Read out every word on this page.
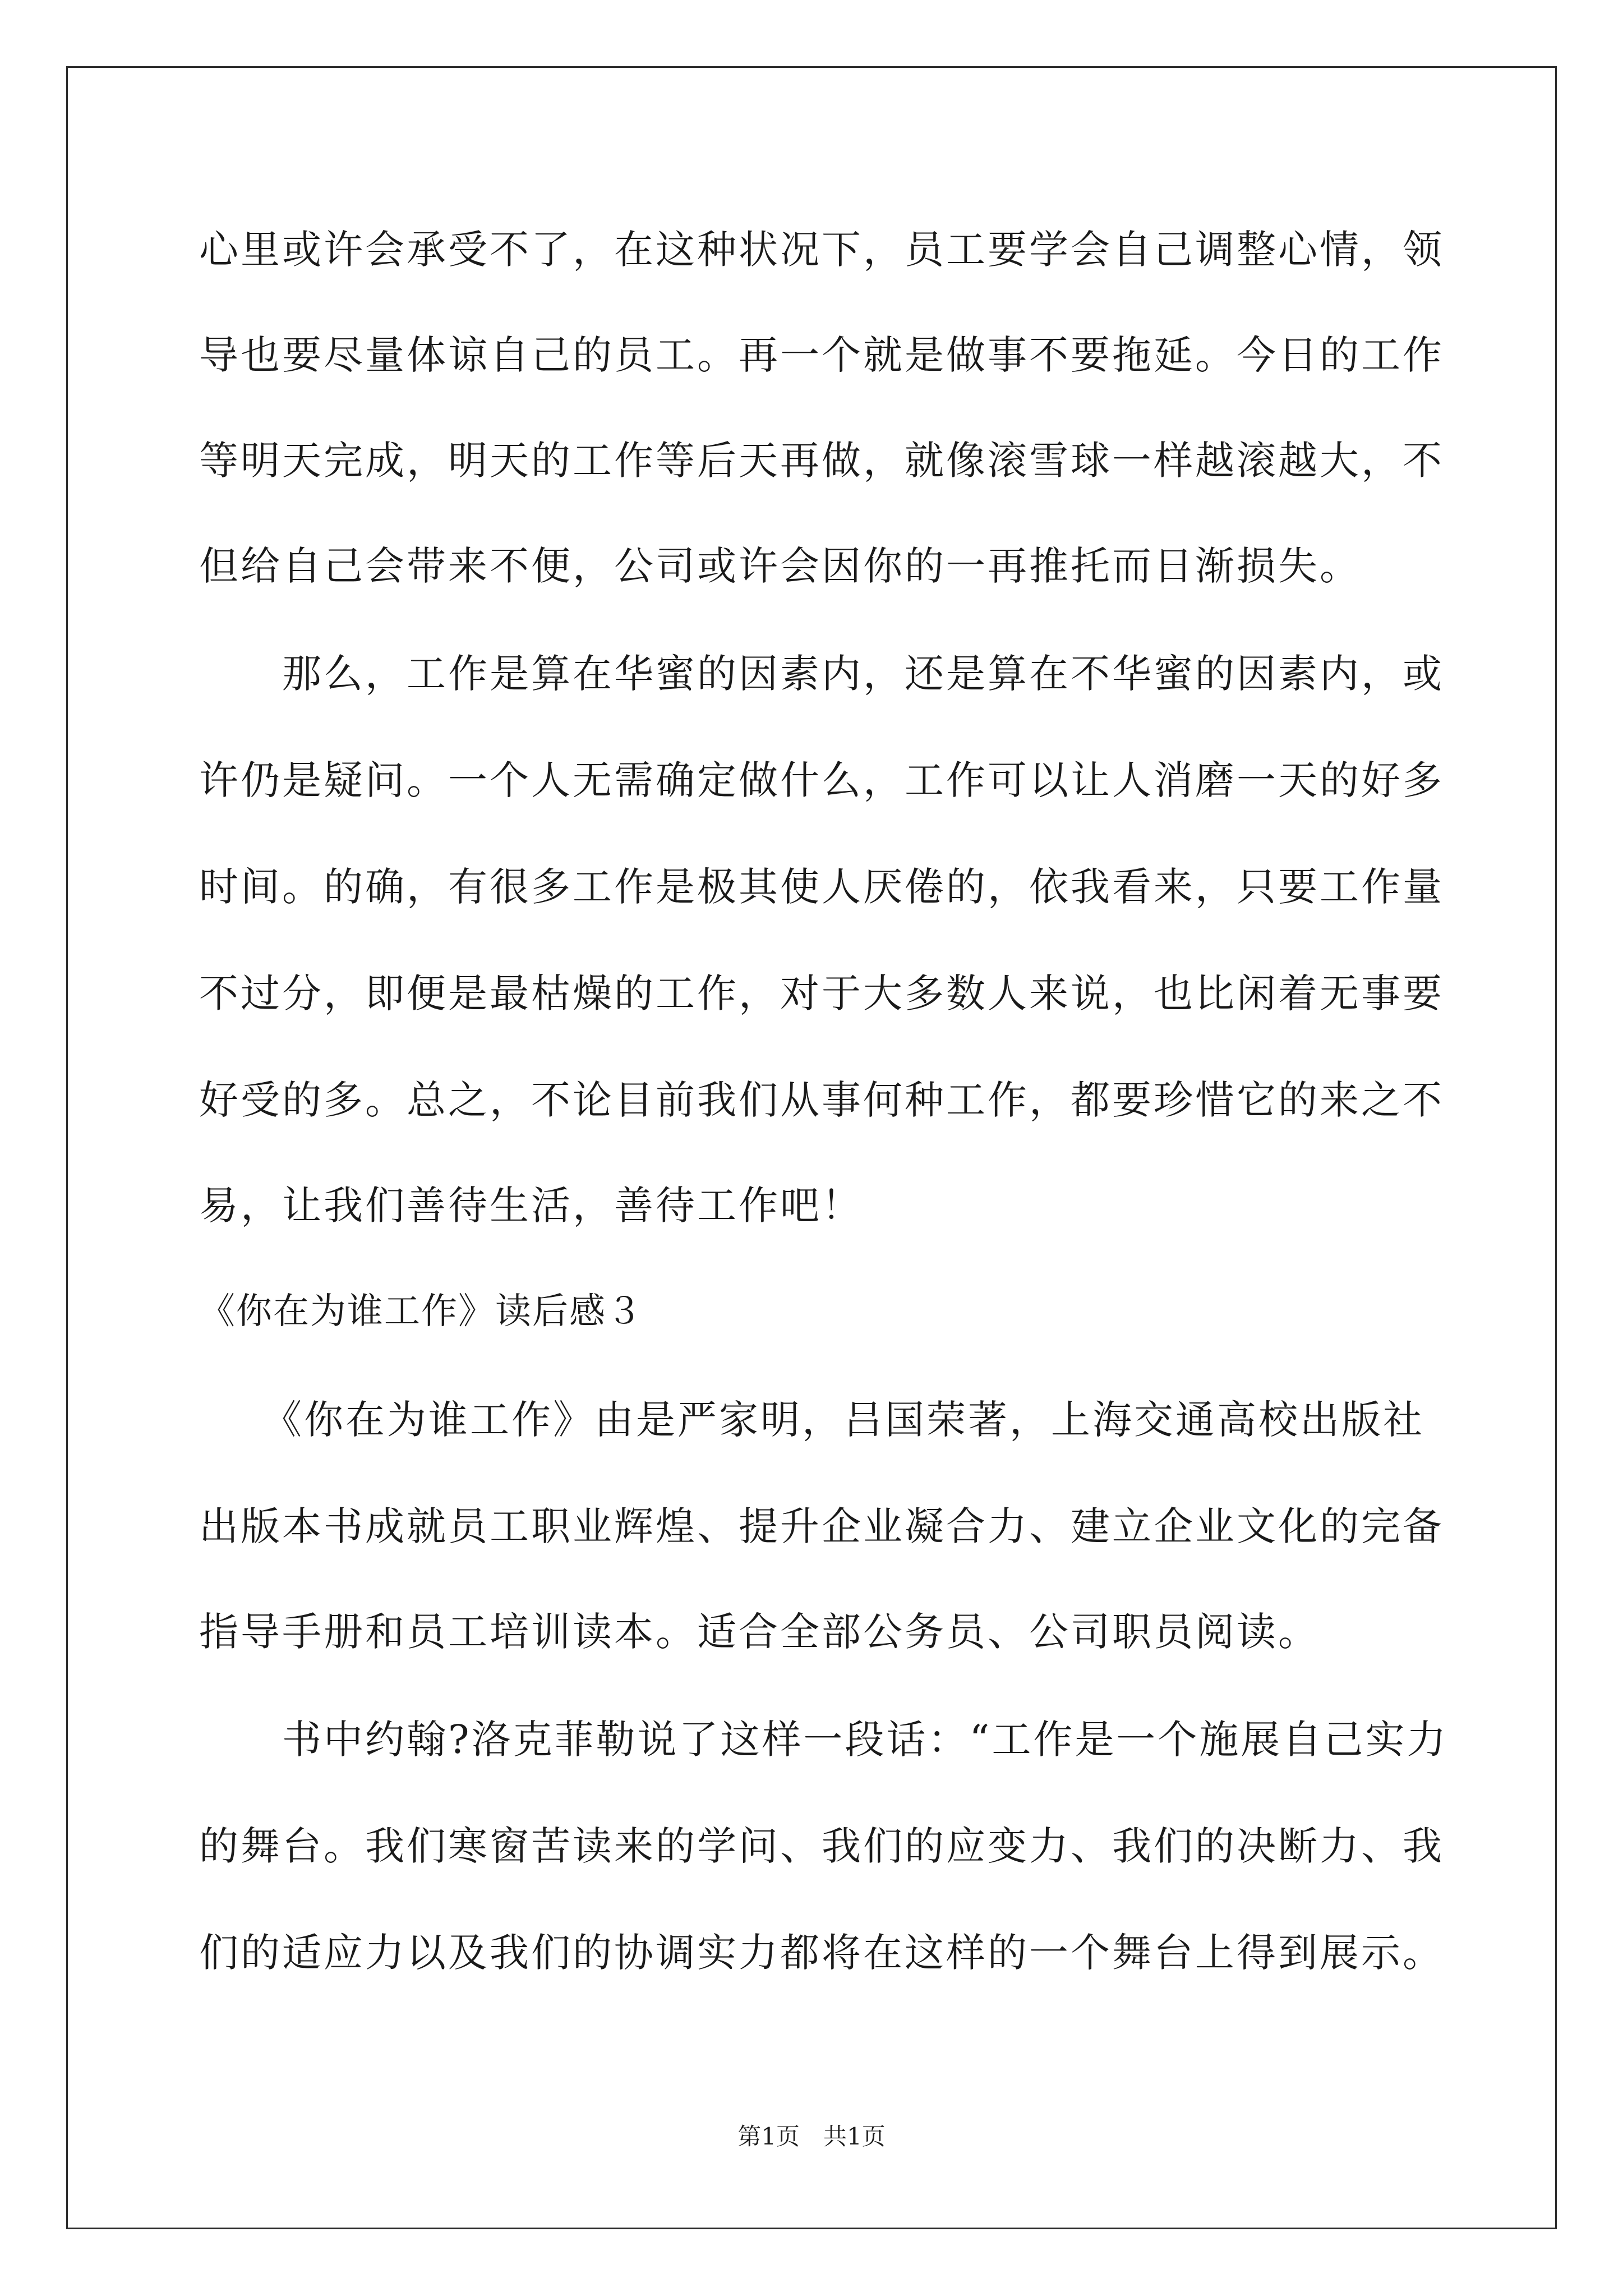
心里或许会承受不了，在这种状况下，员工要学会自己调整心情，领

导也要尽量体谅自己的员工。再一个就是做事不要拖延。今日的工作

等明天完成，明天的工作等后天再做，就像滚雪球一样越滚越大，不

但给自己会带来不便，公司或许会因你的一再推托而日渐损失。

　　那么，工作是算在华蜜的因素内，还是算在不华蜜的因素内，或

许仍是疑问。一个人无需确定做什么，工作可以让人消磨一天的好多

时间。的确，有很多工作是极其使人厌倦的，依我看来，只要工作量

不过分，即便是最枯燥的工作，对于大多数人来说，也比闲着无事要

好受的多。总之，不论目前我们从事何种工作，都要珍惜它的来之不

易，让我们善待生活，善待工作吧！

《你在为谁工作》读后感３

　　《你在为谁工作》由是严家明，吕国荣著，上海交通高校出版社

出版本书成就员工职业辉煌、提升企业凝合力、建立企业文化的完备

指导手册和员工培训读本。适合全部公务员、公司职员阅读。

　　书中约翰?洛克菲勒说了这样一段话：“工作是一个施展自己实力

的舞台。我们寒窗苦读来的学问、我们的应变力、我们的决断力、我

们的适应力以及我们的协调实力都将在这样的一个舞台上得到展示。

第1页　共1页
